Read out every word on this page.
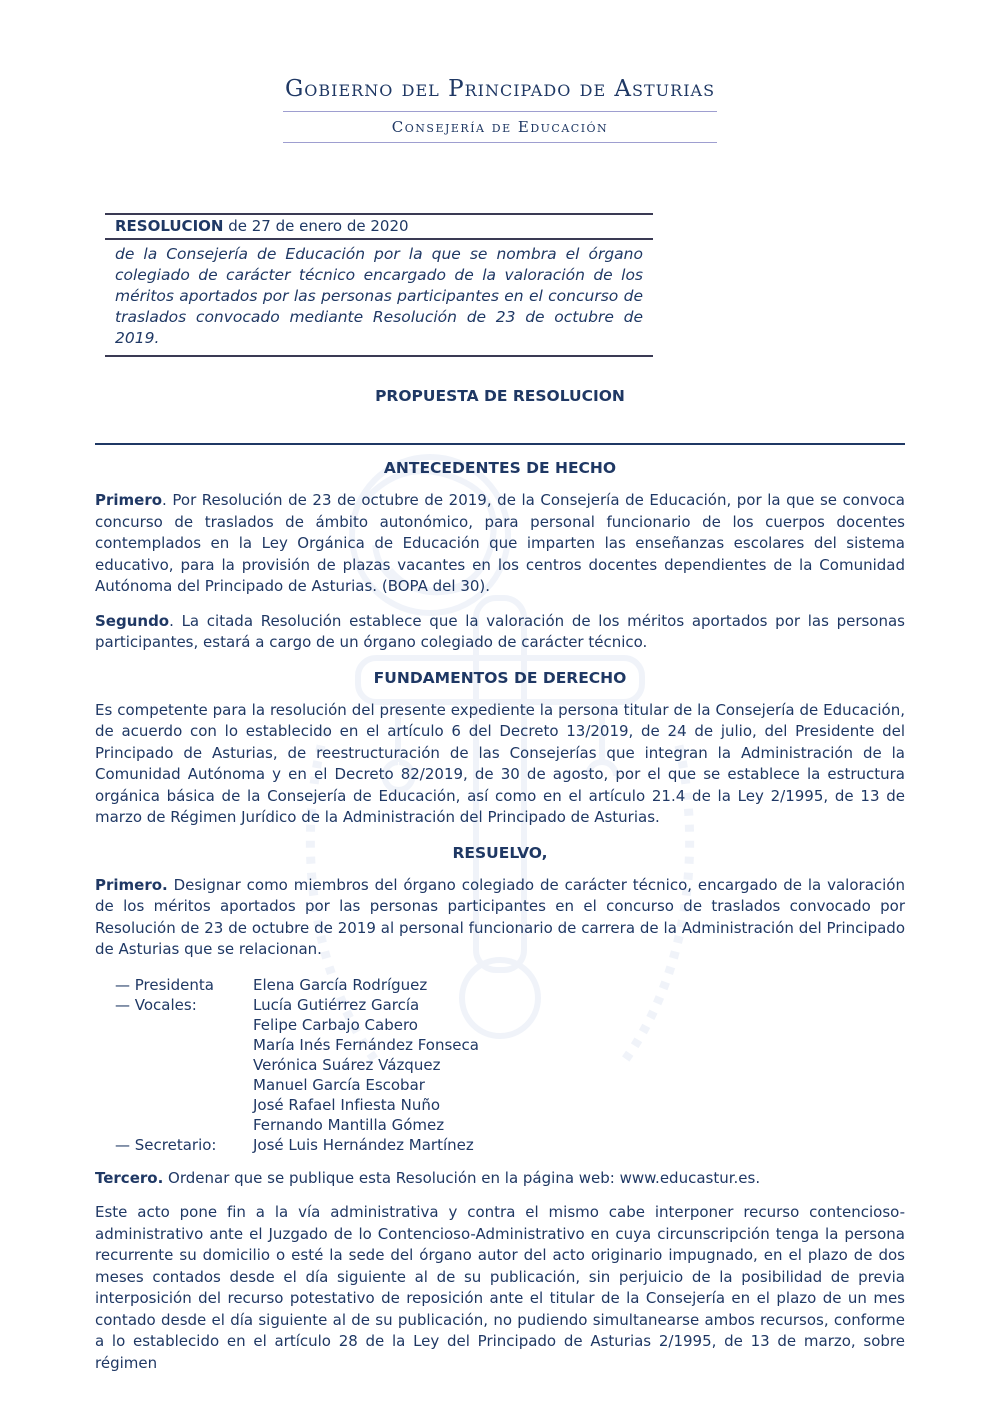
Gobierno del Principado de Asturias
Consejería de Educación
RESOLUCION de 27 de enero de 2020
de la Consejería de Educación por la que se nombra el órgano colegiado de carácter técnico encargado de la valoración de los méritos aportados por las personas participantes en el concurso de traslados convocado mediante Resolución de 23 de octubre de 2019.
PROPUESTA DE RESOLUCION
ANTECEDENTES DE HECHO

Primero. Por Resolución de 23 de octubre de 2019, de la Consejería de Educación, por la que se convoca concurso de traslados de ámbito autonómico, para personal funcionario de los cuerpos docentes contemplados en la Ley Orgánica de Educación que imparten las enseñanzas escolares del sistema educativo, para la provisión de plazas vacantes en los centros docentes dependientes de la Comunidad Autónoma del Principado de Asturias. (BOPA del 30).

Segundo. La citada Resolución establece que la valoración de los méritos aportados por las personas participantes, estará a cargo de un órgano colegiado de carácter técnico.

FUNDAMENTOS DE DERECHO

Es competente para la resolución del presente expediente la persona titular de la Consejería de Educación, de acuerdo con lo establecido en el artículo 6 del Decreto 13/2019, de 24 de julio, del Presidente del Principado de Asturias, de reestructuración de las Consejerías que integran la Administración de la Comunidad Autónoma y en el Decreto 82/2019, de 30 de agosto, por el que se establece la estructura orgánica básica de la Consejería de Educación, así como en el artículo 21.4 de la Ley 2/1995, de 13 de marzo de Régimen Jurídico de la Administración del Principado de Asturias.

RESUELVO,

Primero. Designar como miembros del órgano colegiado de carácter técnico, encargado de la valoración de los méritos aportados por las personas participantes en el concurso de traslados convocado por Resolución de 23 de octubre de 2019 al personal funcionario de carrera de la Administración del Principado de Asturias que se relacionan.

— Presidenta	Elena García Rodríguez
— Vocales:	Lucía Gutiérrez García
Felipe Carbajo Cabero
María Inés Fernández Fonseca
Verónica Suárez Vázquez
Manuel García Escobar
José Rafael Infiesta Nuño
Fernando Mantilla Gómez
— Secretario:	José Luis Hernández Martínez

Tercero. Ordenar que se publique esta Resolución en la página web: www.educastur.es.

Este acto pone fin a la vía administrativa y contra el mismo cabe interponer recurso contencioso-administrativo ante el Juzgado de lo Contencioso-Administrativo en cuya circunscripción tenga la persona recurrente su domicilio o esté la sede del órgano autor del acto originario impugnado, en el plazo de dos meses contados desde el día siguiente al de su publicación, sin perjuicio de la posibilidad de previa interposición del recurso potestativo de reposición ante el titular de la Consejería en el plazo de un mes contado desde el día siguiente al de su publicación, no pudiendo simultanearse ambos recursos, conforme a lo establecido en el artículo 28 de la Ley del Principado de Asturias 2/1995, de 13 de marzo, sobre régimen
